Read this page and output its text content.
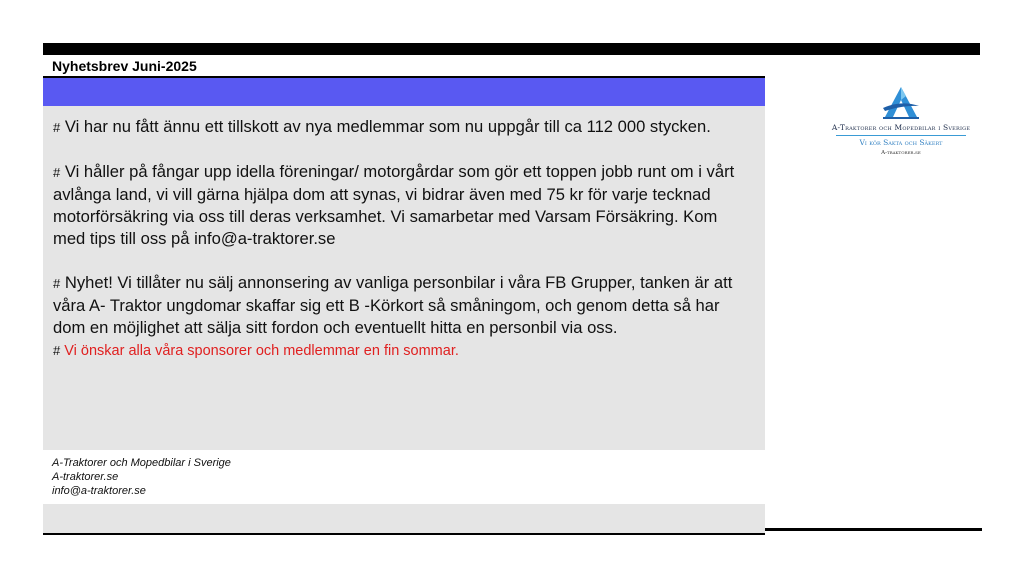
Nyhetsbrev Juni-2025

# Vi har nu fått ännu ett tillskott av nya medlemmar som nu uppgår till ca 112 000 stycken.

# Vi håller på fångar upp idella föreningar/ motorgårdar som gör ett toppen jobb runt om i vårt avlånga land, vi vill gärna hjälpa dom att synas, vi bidrar även med 75 kr för varje tecknad motorförsäkring via oss till deras verksamhet. Vi samarbetar med Varsam Försäkring. Kom med tips till oss på info@a-traktorer.se

# Nyhet! Vi tillåter nu sälj annonsering av vanliga personbilar i våra FB Grupper, tanken är att våra A- Traktor ungdomar skaffar sig ett B -Körkort så småningom, och genom detta så har dom en möjlighet att sälja sitt fordon och eventuellt hitta en personbil via oss.

# Vi önskar alla våra sponsorer och medlemmar en fin sommar.

A-Traktorer och Mopedbilar i Sverige
A-traktorer.se
info@a-traktorer.se
A-Traktorer och Mopedbilar i Sverige
Vi kör Sakta och Säkert
A-traktorer.se
